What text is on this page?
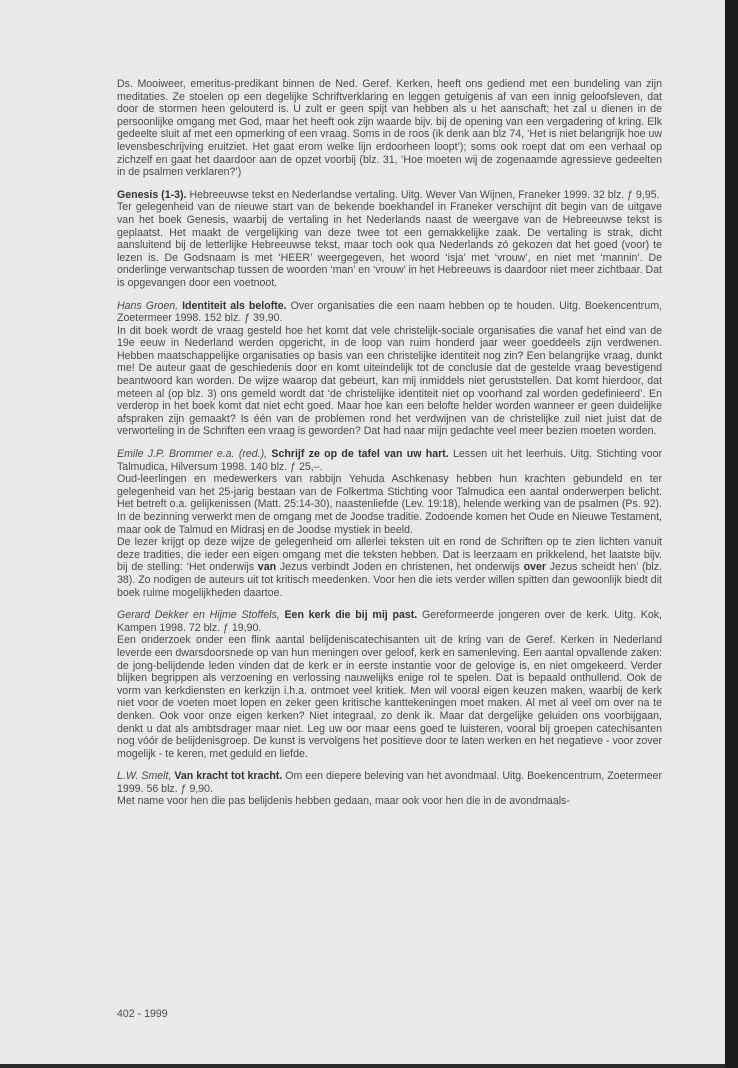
Ds. Mooiweer, emeritus-predikant binnen de Ned. Geref. Kerken, heeft ons gediend met een bundeling van zijn meditaties. Ze stoelen op een degelijke Schriftverklaring en leggen getuigenis af van een innig geloofsleven, dat door de stormen heen gelouterd is. U zult er geen spijt van hebben als u het aanschaft; het zal u dienen in de persoonlijke omgang met God, maar het heeft ook zijn waarde bijv. bij de opening van een vergadering of kring. Elk gedeelte sluit af met een opmerking of een vraag. Soms in de roos (ik denk aan blz 74, ‘Het is niet belangrijk hoe uw levensbeschrijving eruitziet. Het gaat erom welke lijn erdoorheen loopt’); soms ook roept dat om een verhaal op zichzelf en gaat het daardoor aan de opzet voorbij (blz. 31, ‘Hoe moeten wij de zogenaamde agressieve gedeelten in de psalmen verklaren?’)

Genesis (1-3). Hebreeuwse tekst en Nederlandse vertaling. Uitg. Wever Van Wijnen, Franeker 1999. 32 blz. ƒ 9,95.

Ter gelegenheid van de nieuwe start van de bekende boekhandel in Franeker verschijnt dit begin van de uitgave van het boek Genesis, waarbij de vertaling in het Nederlands naast de weergave van de Hebreeuwse tekst is geplaatst. Het maakt de vergelijking van deze twee tot een gemakkelijke zaak. De vertaling is strak, dicht aansluitend bij de letterlijke Hebreeuwse tekst, maar toch ook qua Nederlands zó gekozen dat het goed (voor) te lezen is. De Godsnaam is met ‘HEER’ weergegeven, het woord ‘isja’ met ‘vrouw’, en niet met ‘mannin’. De onderlinge verwantschap tussen de woorden ‘man’ en ‘vrouw’ in het Hebreeuws is daardoor niet meer zichtbaar. Dat is opgevangen door een voetnoot.

Hans Groen, Identiteit als belofte. Over organisaties die een naam hebben op te houden. Uitg. Boekencentrum, Zoetermeer 1998. 152 blz. ƒ 39,90.

In dit boek wordt de vraag gesteld hoe het komt dat vele christelijk-sociale organisaties die vanaf het eind van de 19e eeuw in Nederland werden opgericht, in de loop van ruim honderd jaar weer goeddeels zijn verdwenen. Hebben maatschappelijke organisaties op basis van een christelijke identiteit nog zin? Een belangrijke vraag, dunkt me! De auteur gaat de geschiedenis door en komt uiteindelijk tot de conclusie dat de gestelde vraag bevestigend beantwoord kan worden. De wijze waarop dat gebeurt, kan mij inmiddels niet geruststellen. Dat komt hierdoor, dat meteen al (op blz. 3) ons gemeld wordt dat ‘de christelijke identiteit niet op voorhand zal worden gedefinieerd’. En verderop in het boek komt dat niet echt goed. Maar hoe kan een belofte helder worden wanneer er geen duidelijke afspraken zijn gemaakt? Is één van de problemen rond het verdwijnen van de christelijke zuil niet juist dat de verworteling in de Schriften een vraag is geworden? Dat had naar mijn gedachte veel meer bezien moeten worden.

Emile J.P. Brommer e.a. (red.), Schrijf ze op de tafel van uw hart. Lessen uit het leerhuis. Uitg. Stichting voor Talmudica, Hilversum 1998. 140 blz. ƒ 25,–.

Oud-leerlingen en medewerkers van rabbijn Yehuda Aschkenasy hebben hun krachten gebundeld en ter gelegenheid van het 25-jarig bestaan van de Folkertma Stichting voor Talmudica een aantal onderwerpen belicht. Het betreft o.a. gelijkenissen (Matt. 25:14-30), naastenliefde (Lev. 19:18), helende werking van de psalmen (Ps. 92). In de bezinning verwerkt men de omgang met de Joodse traditie. Zodoende komen het Oude en Nieuwe Testament, maar ook de Talmud en Midrasj en de Joodse mystiek in beeld.

De lezer krijgt op deze wijze de gelegenheid om allerlei teksten uit en rond de Schriften op te zien lichten vanuit deze tradities, die ieder een eigen omgang met die teksten hebben. Dat is leerzaam en prikkelend, het laatste bijv. bij de stelling: ‘Het onderwijs van Jezus verbindt Joden en christenen, het onderwijs over Jezus scheidt hen’ (blz. 38). Zo nodigen de auteurs uit tot kritisch meedenken. Voor hen die iets verder willen spitten dan gewoonlijk biedt dit boek ruime mogelijkheden daartoe.

Gerard Dekker en Hijme Stoffels, Een kerk die bij mij past. Gereformeerde jongeren over de kerk. Uitg. Kok, Kampen 1998. 72 blz. ƒ 19,90.

Een onderzoek onder een flink aantal belijdeniscatechisanten uit de kring van de Geref. Kerken in Nederland leverde een dwarsdoorsnede op van hun meningen over geloof, kerk en samenleving. Een aantal opvallende zaken: de jong-belijdende leden vinden dat de kerk er in eerste instantie voor de gelovige is, en niet omgekeerd. Verder blijken begrippen als verzoening en verlossing nauwelijks enige rol te spelen. Dat is bepaald onthullend. Ook de vorm van kerkdiensten en kerkzijn i.h.a. ontmoet veel kritiek. Men wil vooral eigen keuzen maken, waarbij de kerk niet voor de voeten moet lopen en zeker geen kritische kanttekeningen moet maken. Al met al veel om over na te denken. Ook voor onze eigen kerken? Niet integraal, zo denk ik. Maar dat dergelijke geluiden ons voorbijgaan, denkt u dat als ambtsdrager maar niet. Leg uw oor maar eens goed te luisteren, vooral bij groepen catechisanten nog vóór de belijdenisgroep. De kunst is vervolgens het positieve door te laten werken en het negatieve - voor zover mogelijk - te keren, met geduld en liefde.

L.W. Smelt, Van kracht tot kracht. Om een diepere beleving van het avondmaal. Uitg. Boekencentrum, Zoetermeer 1999. 56 blz. ƒ 9,90.

Met name voor hen die pas belijdenis hebben gedaan, maar ook voor hen die in de avondmaals-

402 - 1999
